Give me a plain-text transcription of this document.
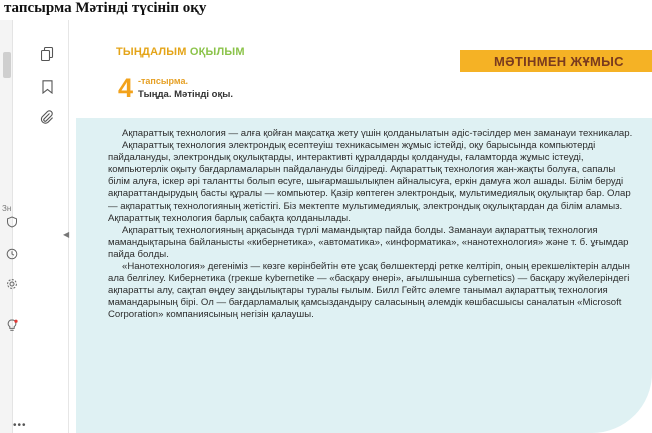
тапсырма Мәтінді түсініп оқу
Зн
◀
•••
ТЫҢДАЛЫМ ОҚЫЛЫМ
МӘТІНМЕН ЖҰМЫС
4 -тапсырма.
Тыңда. Мәтінді оқы.

Ақпараттық технология — алға қойған мақсатқа жету үшін қолданылатын әдіс-тәсілдер мен заманауи техникалар.

Ақпараттық технология электрондық есептеуіш техникасымен жұмыс істейді, оқу барысында компьютерді пайдалануды, электрондық оқулықтарды, интерактивті құралдарды қолдануды, ғаламторда жұмыс істеуді, компьютерлік оқыту бағдарламаларын пайдалануды білдіреді. Ақпараттық технология жан-жақты болуға, сапалы білім алуға, іскер әрі талантты болып өсуге, шығармашылықпен айналысуға, еркін дамуға жол ашады. Білім беруді ақпараттандырудың басты құралы — компьютер. Қазір көптеген электрондық, мультимедиялық оқулықтар бар. Олар — ақпараттық технологияның жетістігі. Біз мектепте мультимедиялық, электрондық оқулықтардан да білім аламыз. Ақпараттық технология барлық сабақта қолданылады.

Ақпараттық технологияның арқасында түрлі мамандықтар пайда болды. Заманауи ақпараттық технология мамандықтарына байланысты «кибернетика», «автоматика», «информатика», «нанотехнология» және т. б. ұғымдар пайда болды.

«Нанотехнология» дегеніміз — көзге көрінбейтін өте ұсақ бөлшектерді ретке келтіріп, оның ерекшеліктерін алдын ала белгілеу. Кибернетика (грекше kybernetike — «басқару өнері», ағылшынша cybernetics) — басқару жүйелеріндегі ақпаратты алу, сақтап өңдеу заңдылықтары туралы ғылым. Билл Гейтс әлемге танымал ақпараттық технология мамандарының бірі. Ол — бағдарламалық қамсыздандыру саласының әлемдік көшбасшысы саналатын «Microsoft Corporation» компаниясының негізін қалаушы.
